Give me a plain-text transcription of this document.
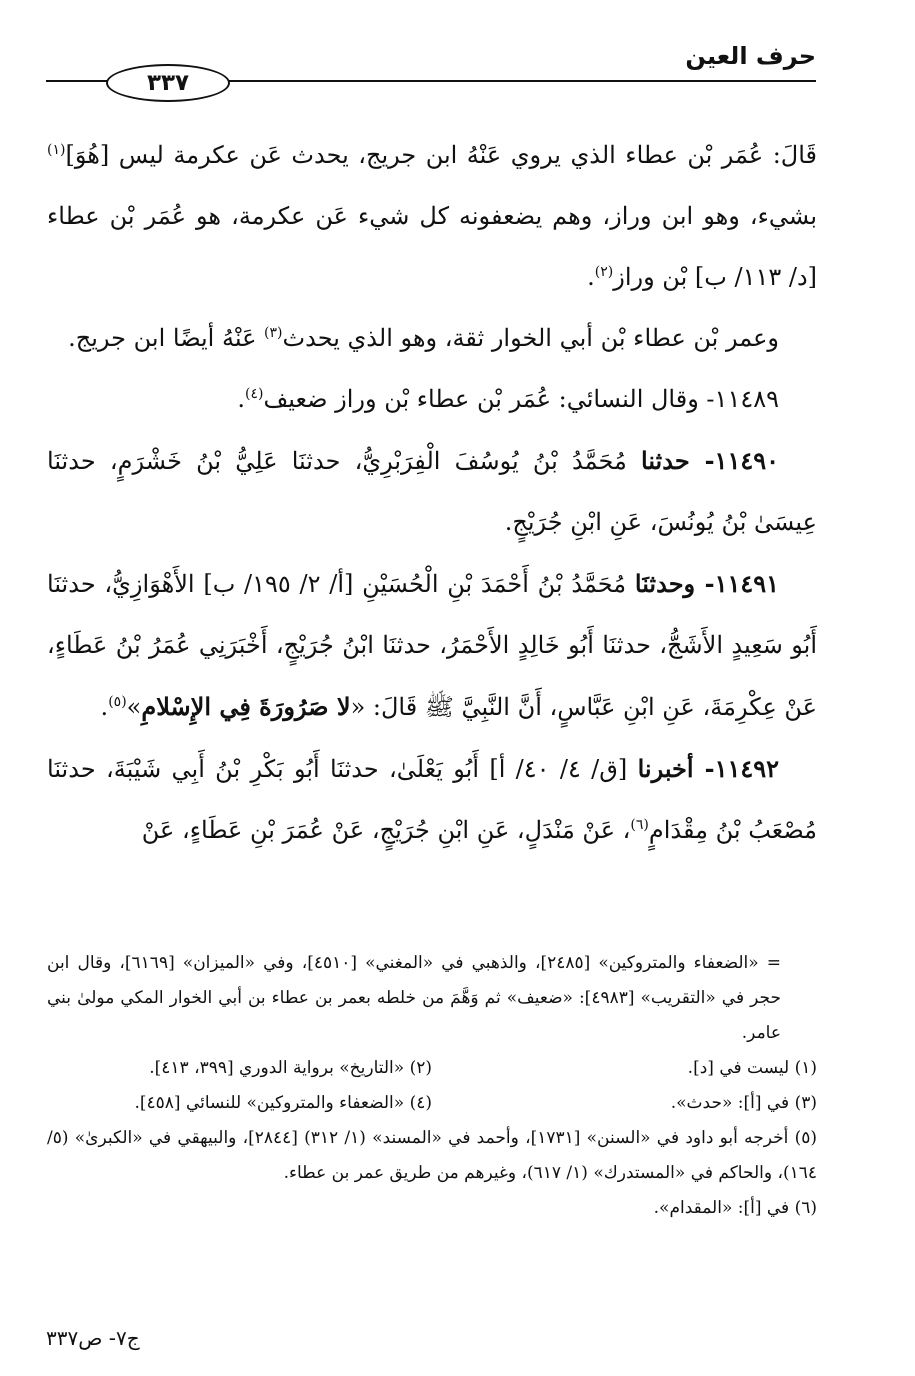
حرف العين
٣٣٧

قَالَ: عُمَر بْن عطاء الذي يروي عَنْهُ ابن جريج، يحدث عَن عكرمة ليس [هُوَ]$^{(١)}$ بشيء، وهو ابن وراز، وهم يضعفونه كل شيء عَن عكرمة، هو عُمَر بْن عطاء [د/ ١١٣/ ب] بْن وراز$^{(٢)}$.

وعمر بْن عطاء بْن أبي الخوار ثقة، وهو الذي يحدث$^{(٣)}$ عَنْهُ أيضًا ابن جريج.

١١٤٨٩- وقال النسائي: عُمَر بْن عطاء بْن وراز ضعيف$^{(٤)}$.

١١٤٩٠- حدثنا مُحَمَّدُ بْنُ يُوسُفَ الْفِرَبْرِيُّ، حدثنَا عَلِيُّ بْنُ خَشْرَمٍ، حدثنَا عِيسَىٰ بْنُ يُونُسَ، عَنِ ابْنِ جُرَيْجٍ.

١١٤٩١- وحدثنَا مُحَمَّدُ بْنُ أَحْمَدَ بْنِ الْحُسَيْنِ [أ/ ٢/ ١٩٥/ ب] الأَهْوَازِيُّ، حدثنَا أَبُو سَعِيدٍ الأَشَجُّ، حدثنَا أَبُو خَالِدٍ الأَحْمَرُ، حدثنَا ابْنُ جُرَيْجٍ، أَخْبَرَنِي عُمَرُ بْنُ عَطَاءٍ، عَنْ عِكْرِمَةَ، عَنِ ابْنِ عَبَّاسٍ، أَنَّ النَّبِيَّ ﷺ قَالَ: «لا صَرُورَةَ فِي الإِسْلامِ»$^{(٥)}$.

١١٤٩٢- أخبرنا [ق/ ٤/ ٤٠/ أ] أَبُو يَعْلَىٰ، حدثنَا أَبُو بَكْرِ بْنُ أَبِي شَيْبَةَ، حدثنَا مُصْعَبُ بْنُ مِقْدَامٍ$^{(٦)}$، عَنْ مَنْدَلٍ، عَنِ ابْنِ جُرَيْجٍ، عَنْ عُمَرَ بْنِ عَطَاءٍ، عَنْ

= «الضعفاء والمتروكين» [٢٤٨٥]، والذهبي في «المغني» [٤٥١٠]، وفي «الميزان» [٦١٦٩]، وقال ابن حجر في «التقريب» [٤٩٨٣]: «ضعيف» ثم وَهَّمَ من خلطه بعمر بن عطاء بن أبي الخوار المكي مولىٰ بني عامر.

(١) ليست في [د].
(٢) «التاريخ» برواية الدوري [٣٩٩، ٤١٣].
(٣) في [أ]: «حدث».
(٤) «الضعفاء والمتروكين» للنسائي [٤٥٨].

(٥) أخرجه أبو داود في «السنن» [١٧٣١]، وأحمد في «المسند» (١/ ٣١٢) [٢٨٤٤]، والبيهقي في «الكبرىٰ» (٥/ ١٦٤)، والحاكم في «المستدرك» (١/ ٦١٧)، وغيرهم من طريق عمر بن عطاء.

(٦) في [أ]: «المقدام».

ج٧- ص٣٣٧
